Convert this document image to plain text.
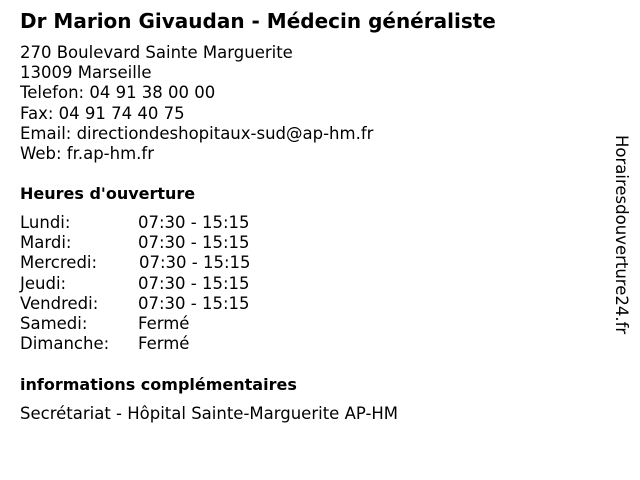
Dr Marion Givaudan - Médecin généraliste
270 Boulevard Sainte Marguerite
13009 Marseille
Telefon: 04 91 38 00 00
Fax: 04 91 74 40 75
Email: directiondeshopitaux-sud@ap-hm.fr
Web: fr.ap-hm.fr
Heures d'ouverture
Lundi:	07:30 - 15:15
Mardi:	07:30 - 15:15
Mercredi:	07:30 - 15:15
Jeudi:	07:30 - 15:15
Vendredi: 07:30 - 15:15
Samedi:	Fermé
Dimanche: Fermé
informations complémentaires
Secrétariat - Hôpital Sainte-Marguerite AP-HM
Horairesdouverture24.fr
